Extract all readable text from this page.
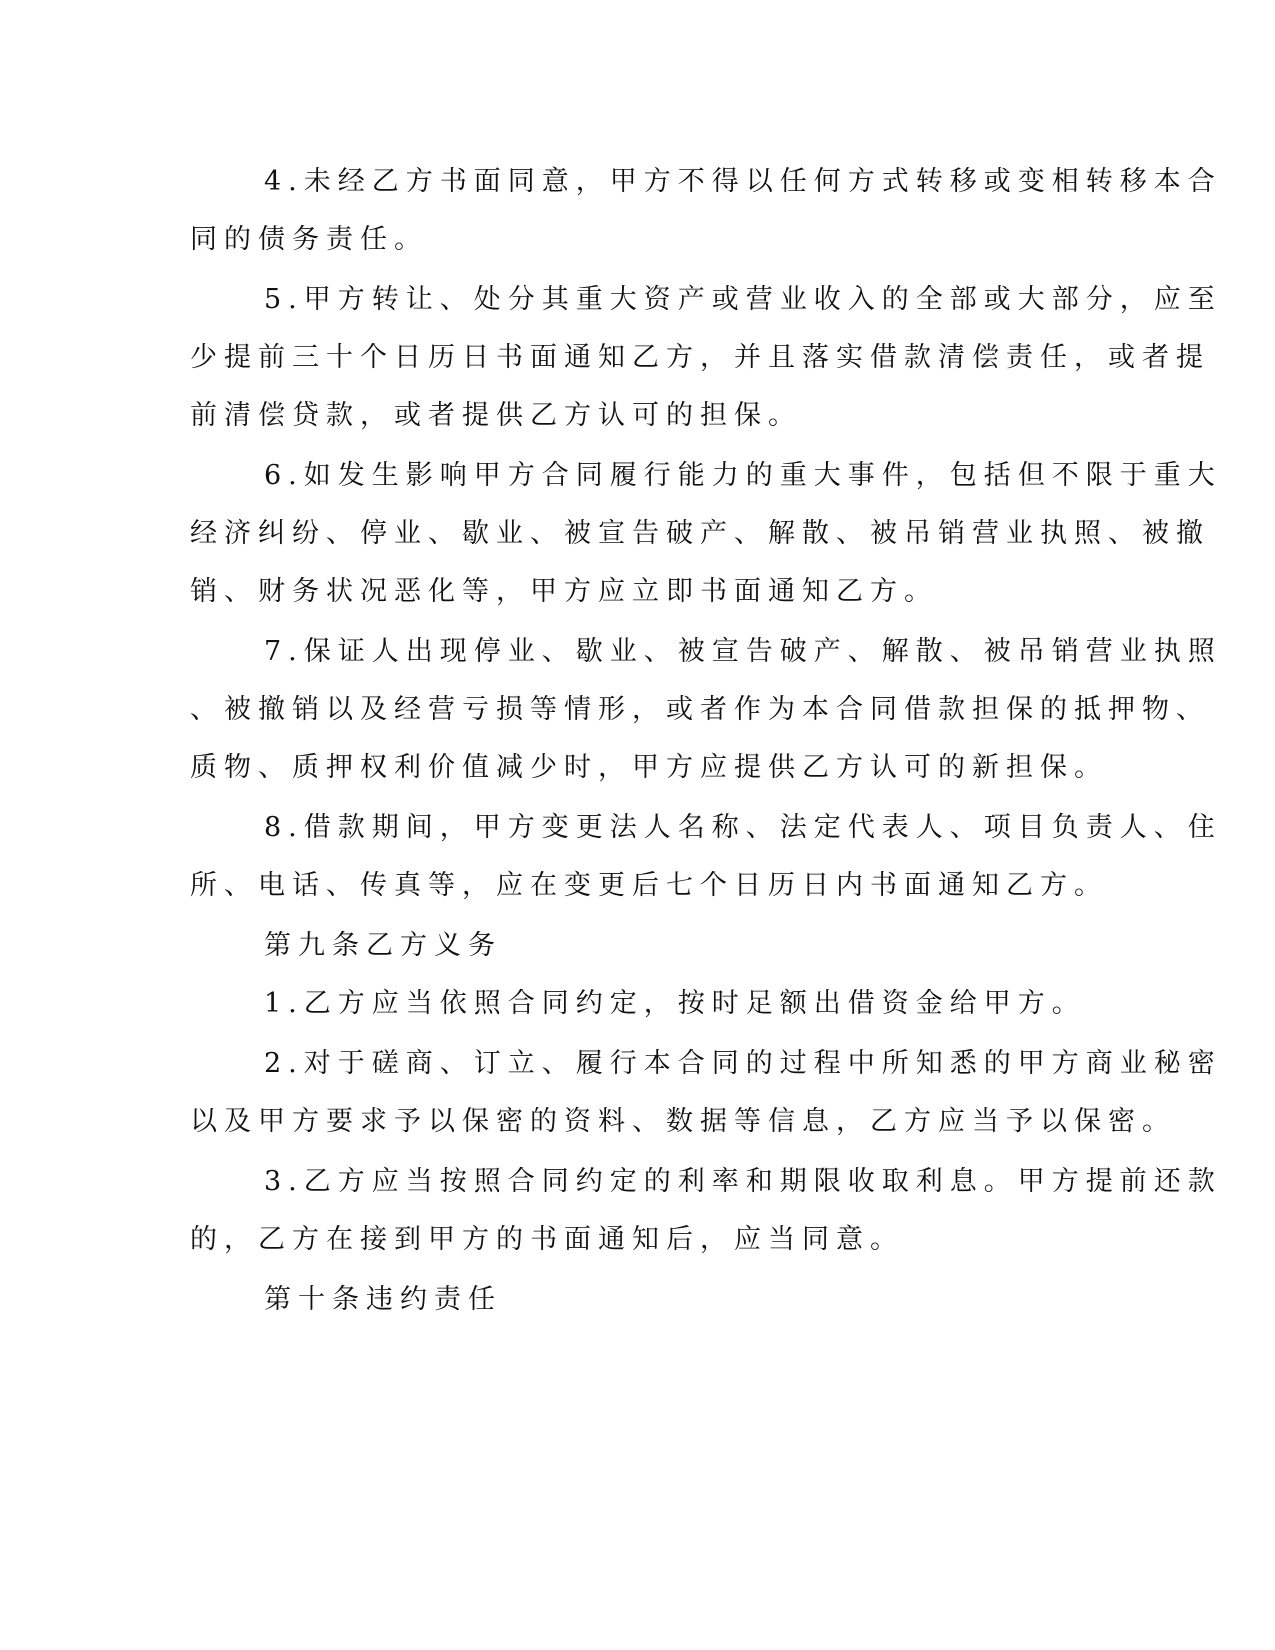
4.未经乙方书面同意，甲方不得以任何方式转移或变相转移本合
同的债务责任。
5.甲方转让、处分其重大资产或营业收入的全部或大部分，应至
少提前三十个日历日书面通知乙方，并且落实借款清偿责任，或者提
前清偿贷款，或者提供乙方认可的担保。
6.如发生影响甲方合同履行能力的重大事件，包括但不限于重大
经济纠纷、停业、歇业、被宣告破产、解散、被吊销营业执照、被撤
销、财务状况恶化等，甲方应立即书面通知乙方。
7.保证人出现停业、歇业、被宣告破产、解散、被吊销营业执照
、被撤销以及经营亏损等情形，或者作为本合同借款担保的抵押物、
质物、质押权利价值减少时，甲方应提供乙方认可的新担保。
8.借款期间，甲方变更法人名称、法定代表人、项目负责人、住
所、电话、传真等，应在变更后七个日历日内书面通知乙方。
第九条乙方义务
1.乙方应当依照合同约定，按时足额出借资金给甲方。
2.对于磋商、订立、履行本合同的过程中所知悉的甲方商业秘密
以及甲方要求予以保密的资料、数据等信息，乙方应当予以保密。
3.乙方应当按照合同约定的利率和期限收取利息。甲方提前还款
的，乙方在接到甲方的书面通知后，应当同意。
第十条违约责任
